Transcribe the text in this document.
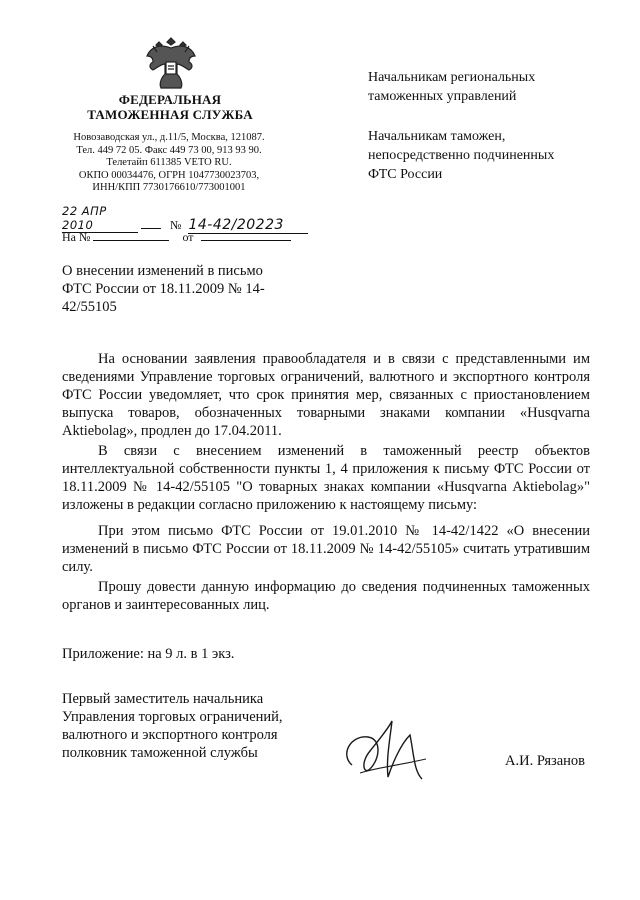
ФЕДЕРАЛЬНАЯ
ТАМОЖЕННАЯ СЛУЖБА
Новозаводская ул., д.11/5, Москва, 121087.
Тел. 449 72 05. Факс 449 73 00, 913 93 90.
Телетайп 611385 VETO RU.
ОКПО 00034476, ОГРН 1047730023703,
ИНН/КПП 7730176610/773001001
Начальникам региональных
таможенных управлений
Начальникам таможен,
непосредственно подчиненных
ФТС России
22 АПР 2010	№ 14-42/20223
На №	от
О внесении изменений в письмо
ФТС России от 18.11.2009 № 14-
42/55105

На основании заявления правообладателя и в связи с представленными им сведениями Управление торговых ограничений, валютного и экспортного контроля ФТС России уведомляет, что срок принятия мер, связанных с приостановлением выпуска товаров, обозначенных товарными знаками компании «Husqvarna Aktiebolag», продлен до 17.04.2011.

В связи с внесением изменений в таможенный реестр объектов интеллектуальной собственности пункты 1, 4 приложения к письму ФТС России от 18.11.2009 № 14-42/55105 "О товарных знаках компании «Husqvarna Aktiebolag»" изложены в редакции согласно приложению к настоящему письму:

При этом письмо ФТС России от 19.01.2010 № 14-42/1422 «О внесении изменений в письмо ФТС России от 18.11.2009 № 14-42/55105» считать утратившим силу.

Прошу довести данную информацию до сведения подчиненных таможенных органов и заинтересованных лиц.

Приложение: на 9 л. в 1 экз.
Первый заместитель начальника
Управления торговых ограничений,
валютного и экспортного контроля
полковник таможенной службы	А.И. Рязанов
